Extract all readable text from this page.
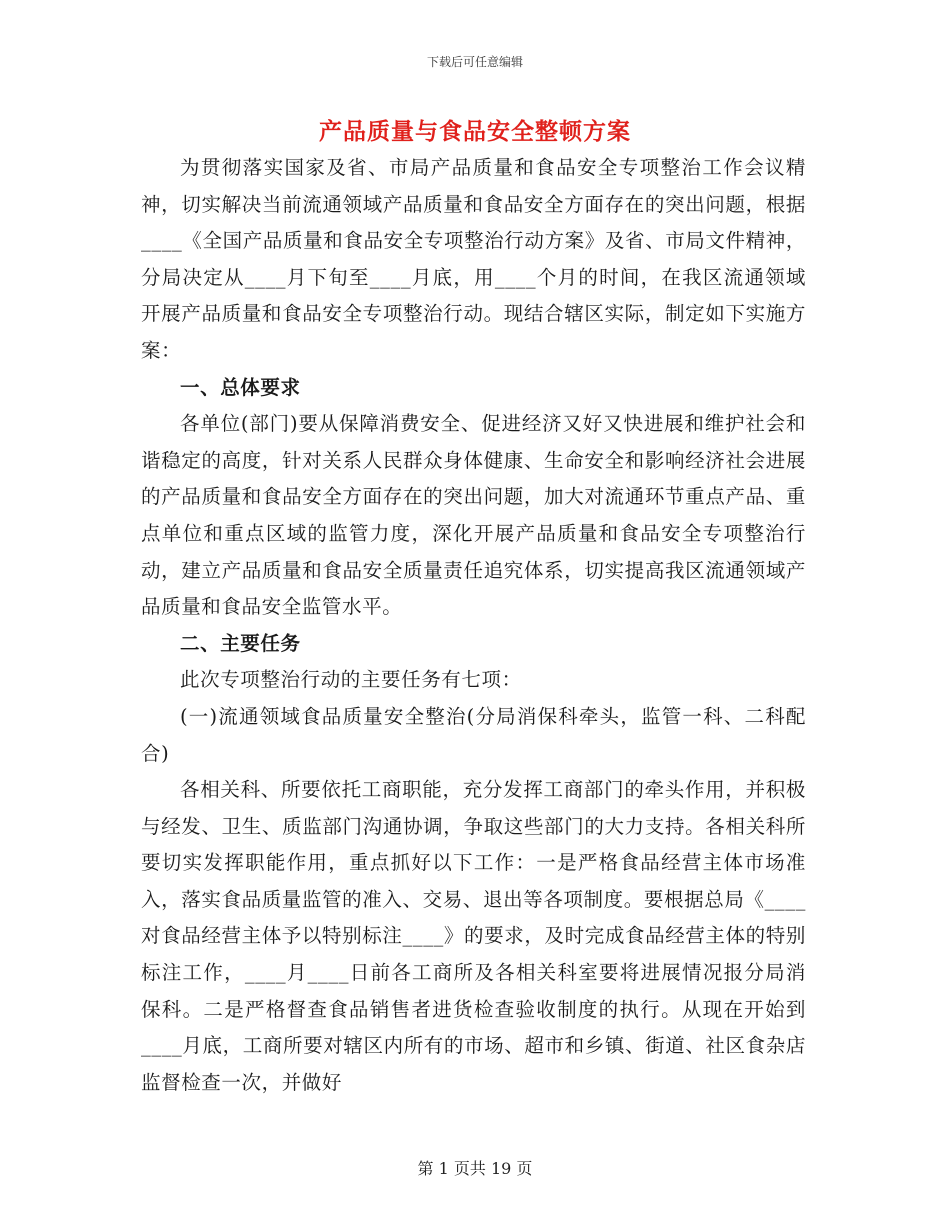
下载后可任意编辑
产品质量与食品安全整顿方案

为贯彻落实国家及省、市局产品质量和食品安全专项整治工作会议精神，切实解决当前流通领域产品质量和食品安全方面存在的突出问题，根据____《全国产品质量和食品安全专项整治行动方案》及省、市局文件精神，分局决定从____月下旬至____月底，用____个月的时间，在我区流通领域开展产品质量和食品安全专项整治行动。现结合辖区实际，制定如下实施方案：

一、总体要求

各单位(部门)要从保障消费安全、促进经济又好又快进展和维护社会和谐稳定的高度，针对关系人民群众身体健康、生命安全和影响经济社会进展的产品质量和食品安全方面存在的突出问题，加大对流通环节重点产品、重点单位和重点区域的监管力度，深化开展产品质量和食品安全专项整治行动，建立产品质量和食品安全质量责任追究体系，切实提高我区流通领域产品质量和食品安全监管水平。

二、主要任务

此次专项整治行动的主要任务有七项：

(一)流通领域食品质量安全整治(分局消保科牵头，监管一科、二科配合)

各相关科、所要依托工商职能，充分发挥工商部门的牵头作用，并积极与经发、卫生、质监部门沟通协调，争取这些部门的大力支持。各相关科所要切实发挥职能作用，重点抓好以下工作：一是严格食品经营主体市场准入，落实食品质量监管的准入、交易、退出等各项制度。要根据总局《____对食品经营主体予以特别标注____》的要求，及时完成食品经营主体的特别标注工作，____月____日前各工商所及各相关科室要将进展情况报分局消保科。二是严格督查食品销售者进货检查验收制度的执行。从现在开始到____月底，工商所要对辖区内所有的市场、超市和乡镇、街道、社区食杂店监督检查一次，并做好

第 1 页共 19 页
